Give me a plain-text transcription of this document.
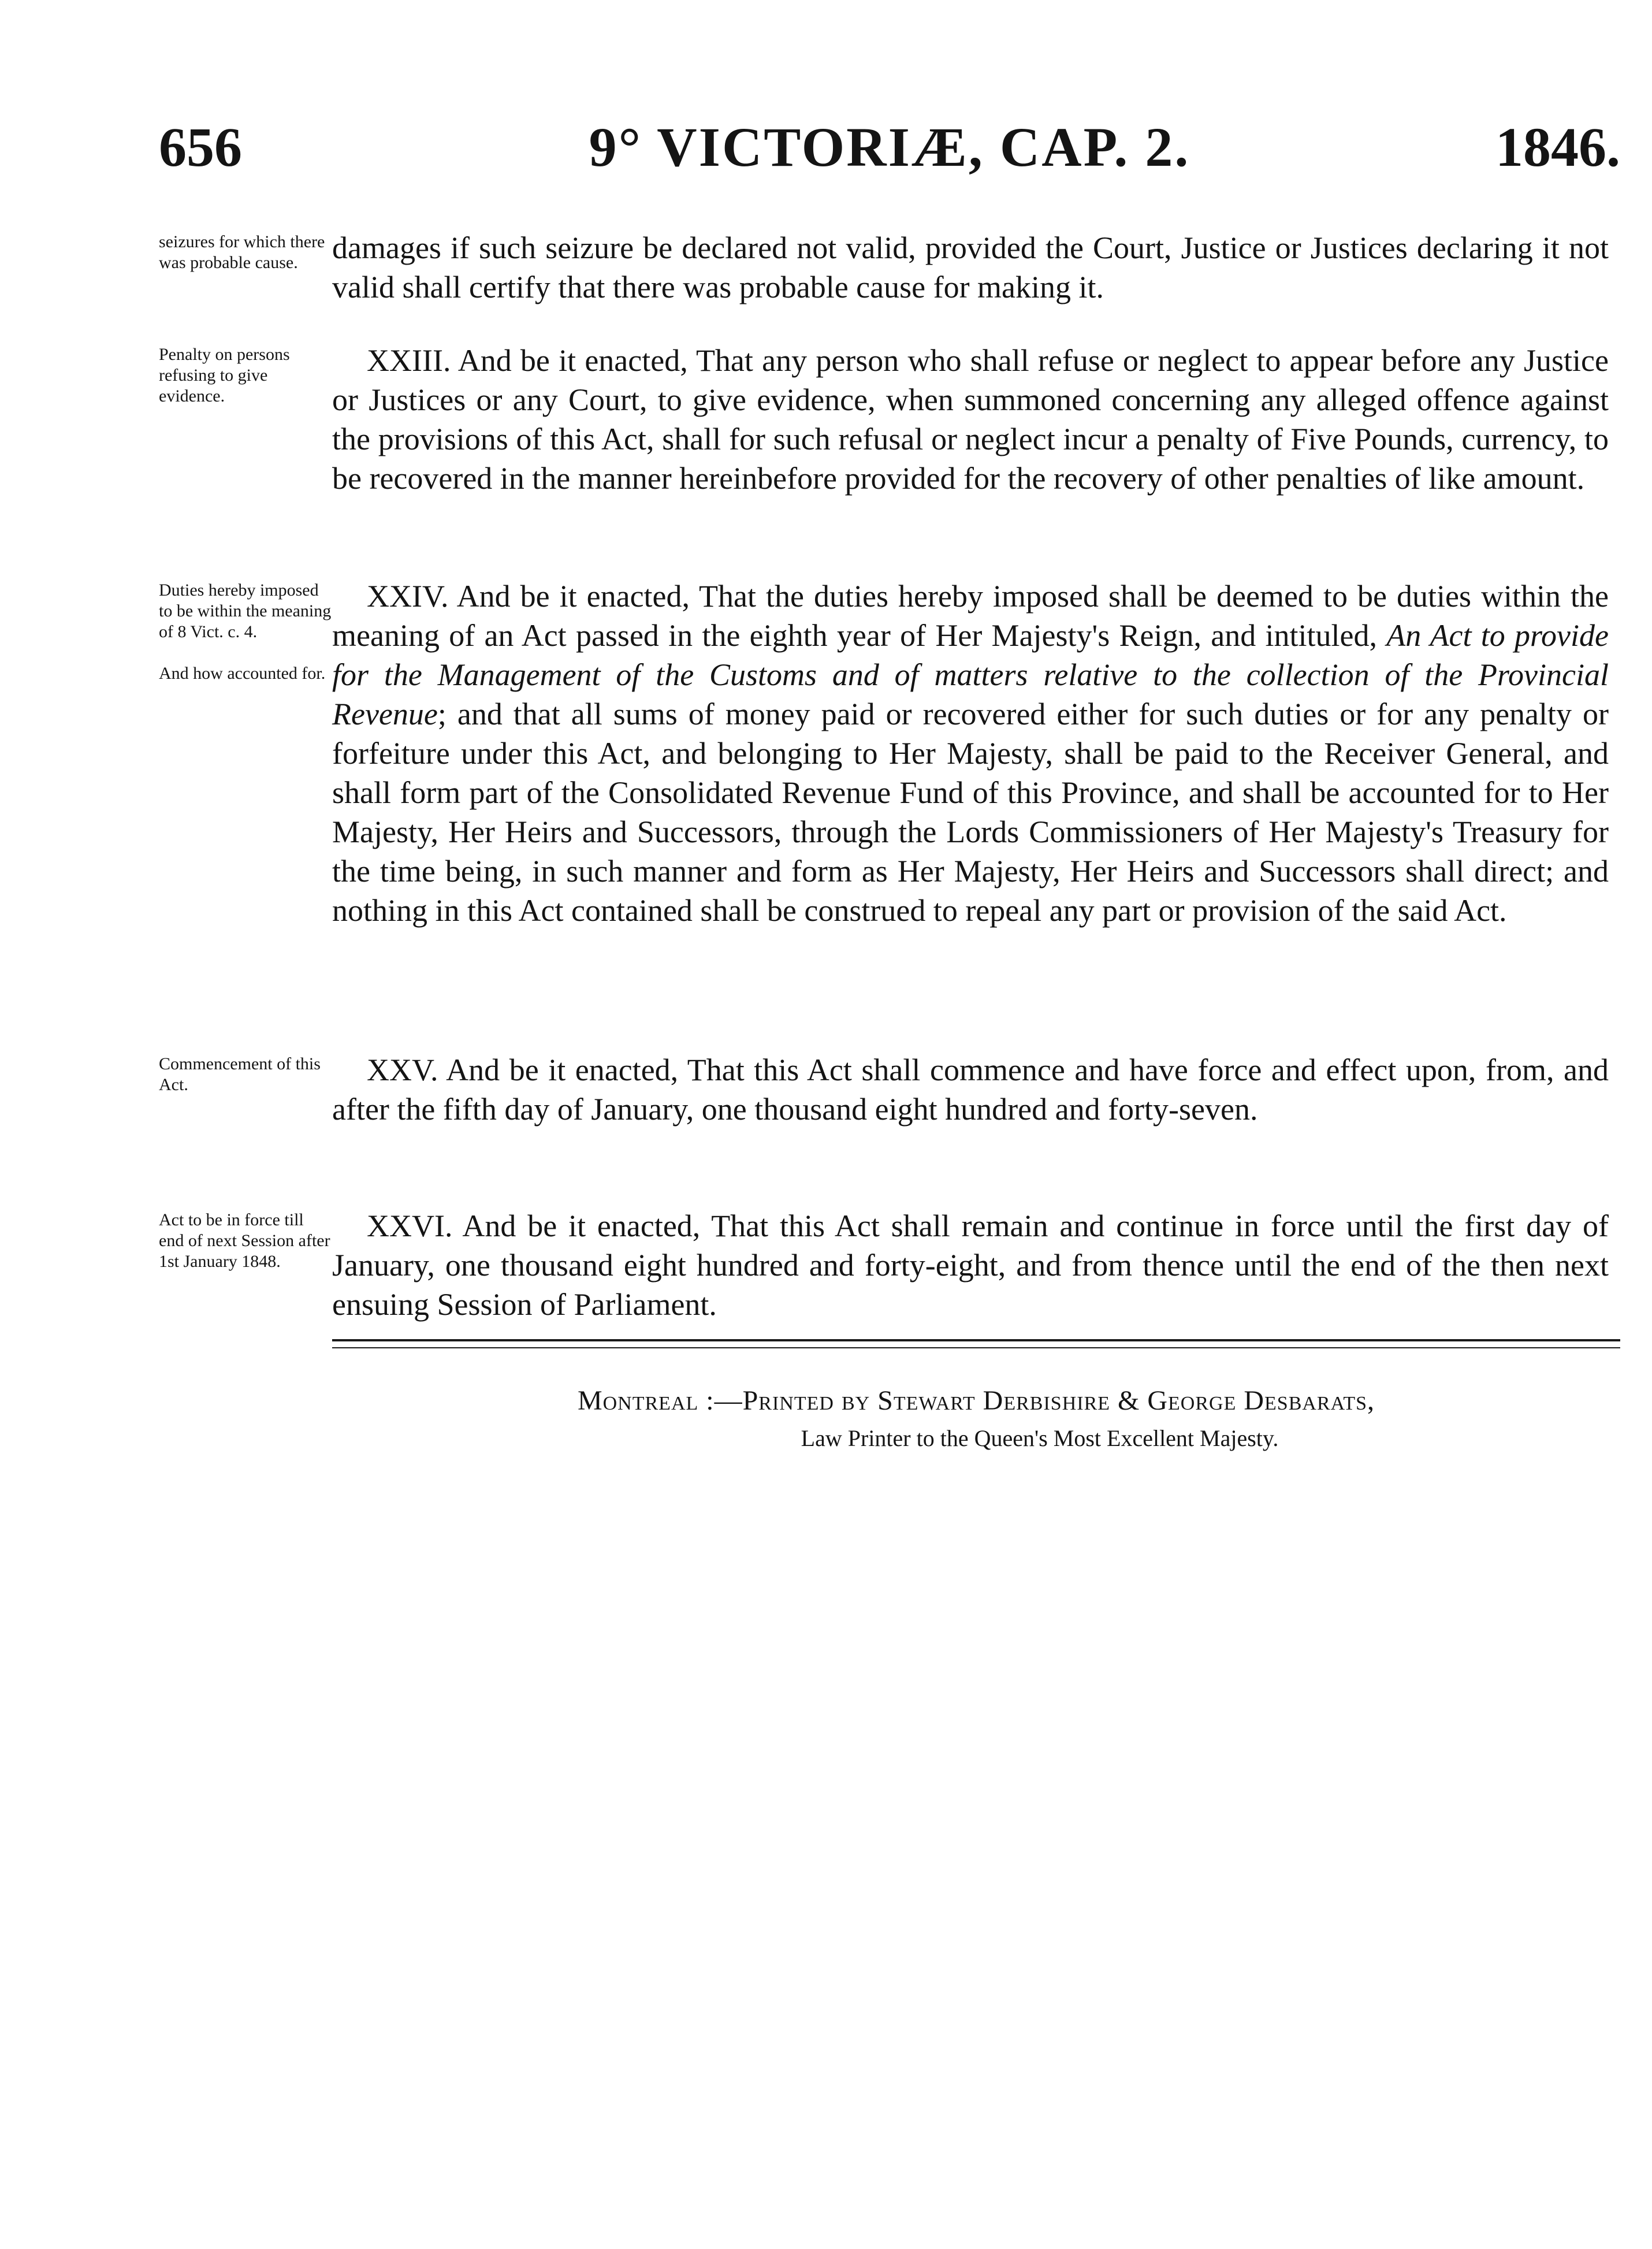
656	9° VICTORIÆ, CAP. 2.	1846.
seizures for which there was probable cause.	damages if such seizure be declared not valid, provided the Court, Justice or Justices declaring it not valid shall certify that there was probable cause for making it.
Penalty on persons refusing to give evidence.
XXIII. And be it enacted, That any person who shall refuse or neglect to appear before any Justice or Justices or any Court, to give evidence, when summoned concerning any alleged offence against the provisions of this Act, shall for such refusal or neglect incur a penalty of Five Pounds, currency, to be recovered in the manner hereinbefore provided for the recovery of other penalties of like amount.
Duties hereby imposed to be within the meaning of 8 Vict. c. 4.
And how accounted for.
XXIV. And be it enacted, That the duties hereby imposed shall be deemed to be duties within the meaning of an Act passed in the eighth year of Her Majesty's Reign, and intituled, An Act to provide for the Management of the Customs and of matters relative to the collection of the Provincial Revenue; and that all sums of money paid or recovered either for such duties or for any penalty or forfeiture under this Act, and belonging to Her Majesty, shall be paid to the Receiver General, and shall form part of the Consolidated Revenue Fund of this Province, and shall be accounted for to Her Majesty, Her Heirs and Successors, through the Lords Commissioners of Her Majesty's Treasury for the time being, in such manner and form as Her Majesty, Her Heirs and Successors shall direct; and nothing in this Act contained shall be construed to repeal any part or provision of the said Act.
Commencement of this Act.	XXV. And be it enacted, That this Act shall commence and have force and effect upon, from, and after the fifth day of January, one thousand eight hundred and forty-seven.
Act to be in force till end of next Session after 1st January 1848.
XXVI. And be it enacted, That this Act shall remain and continue in force until the first day of January, one thousand eight hundred and forty-eight, and from thence until the end of the then next ensuing Session of Parliament.
Montreal :—Printed by Stewart Derbishire & George Desbarats,
Law Printer to the Queen's Most Excellent Majesty.
